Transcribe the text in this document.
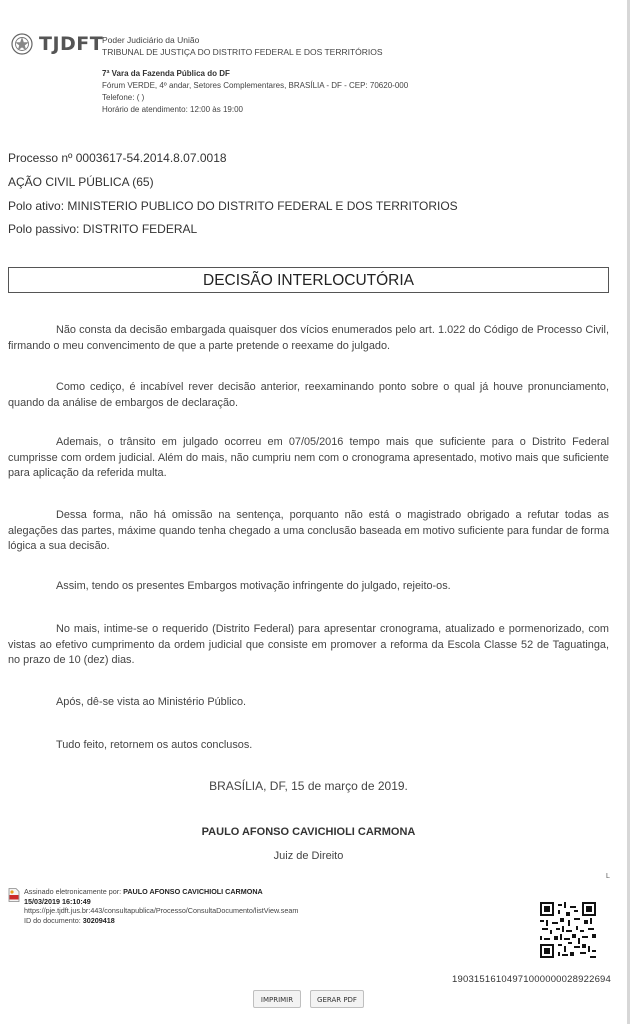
TJDFT
Poder Judiciário da União
TRIBUNAL DE JUSTIÇA DO DISTRITO FEDERAL E DOS TERRITÓRIOS
7ª Vara da Fazenda Pública do DF
Fórum VERDE, 4º andar, Setores Complementares, BRASÍLIA - DF - CEP: 70620-000
Telefone: ( )
Horário de atendimento: 12:00 às 19:00
Processo nº 0003617-54.2014.8.07.0018
AÇÃO CIVIL PÚBLICA (65)
Polo ativo: MINISTERIO PUBLICO DO DISTRITO FEDERAL E DOS TERRITORIOS
Polo passivo: DISTRITO FEDERAL
DECISÃO INTERLOCUTÓRIA
Não consta da decisão embargada quaisquer dos vícios enumerados pelo art. 1.022 do Código de Processo Civil, firmando o meu convencimento de que a parte pretende o reexame do julgado.
Como cediço, é incabível rever decisão anterior, reexaminando ponto sobre o qual já houve pronunciamento, quando da análise de embargos de declaração.
Ademais, o trânsito em julgado ocorreu em 07/05/2016 tempo mais que suficiente para o Distrito Federal cumprisse com ordem judicial. Além do mais, não cumpriu nem com o cronograma apresentado, motivo mais que suficiente para aplicação da referida multa.
Dessa forma, não há omissão na sentença, porquanto não está o magistrado obrigado a refutar todas as alegações das partes, máxime quando tenha chegado a uma conclusão baseada em motivo suficiente para fundar de forma lógica a sua decisão.
Assim, tendo os presentes Embargos motivação infringente do julgado, rejeito-os.
No mais, intime-se o requerido (Distrito Federal) para apresentar cronograma, atualizado e pormenorizado, com vistas ao efetivo cumprimento da ordem judicial que consiste em promover a reforma da Escola Classe 52 de Taguatinga, no prazo de 10 (dez) dias.
Após, dê-se vista ao Ministério Público.
Tudo feito, retornem os autos conclusos.
BRASÍLIA, DF, 15 de março de 2019.
PAULO AFONSO CAVICHIOLI CARMONA
Juiz de Direito
L
Assinado eletronicamente por: PAULO AFONSO CAVICHIOLI CARMONA
15/03/2019 16:10:49
https://pje.tjdft.jus.br:443/consultapublica/Processo/ConsultaDocumento/listView.seam
ID do documento: 30209418
19031516104971000000028922694
IMPRIMIR	GERAR PDF
